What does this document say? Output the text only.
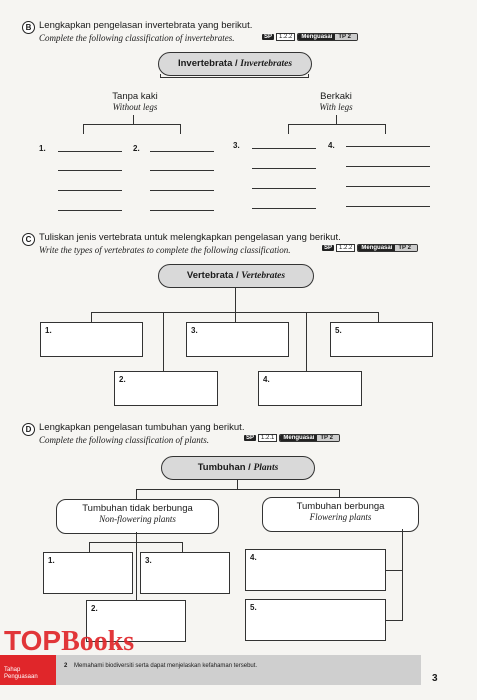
B Lengkapkan pengelasan invertebrata yang berikut.
Complete the following classification of invertebrates.	SP	1.2.2	Menguasai	TP 2
Invertebrata / Invertebrates
Tanpa kaki
Without legs
Berkaki
With legs
1.	2.	3.	4.
C Tuliskan jenis vertebrata untuk melengkapkan pengelasan yang berikut.
Write the types of vertebrates to complete the following classification.	SP	1.2.2	Menguasai	TP 2
Vertebrata / Vertebrates
1.	3.	5.
2.	4.
D Lengkapkan pengelasan tumbuhan yang berikut.
Complete the following classification of plants.	SP	1.2.1	Menguasai	TP 2
Tumbuhan / Plants
Tumbuhan tidak berbunga
Non-flowering plants
Tumbuhan berbunga
Flowering plants
1.	3.
2.
4.
5.
Tahap
Penguasaan
2 Memahami biodiversiti serta dapat menjelaskan kefahaman tersebut.
3
TOPBooks
